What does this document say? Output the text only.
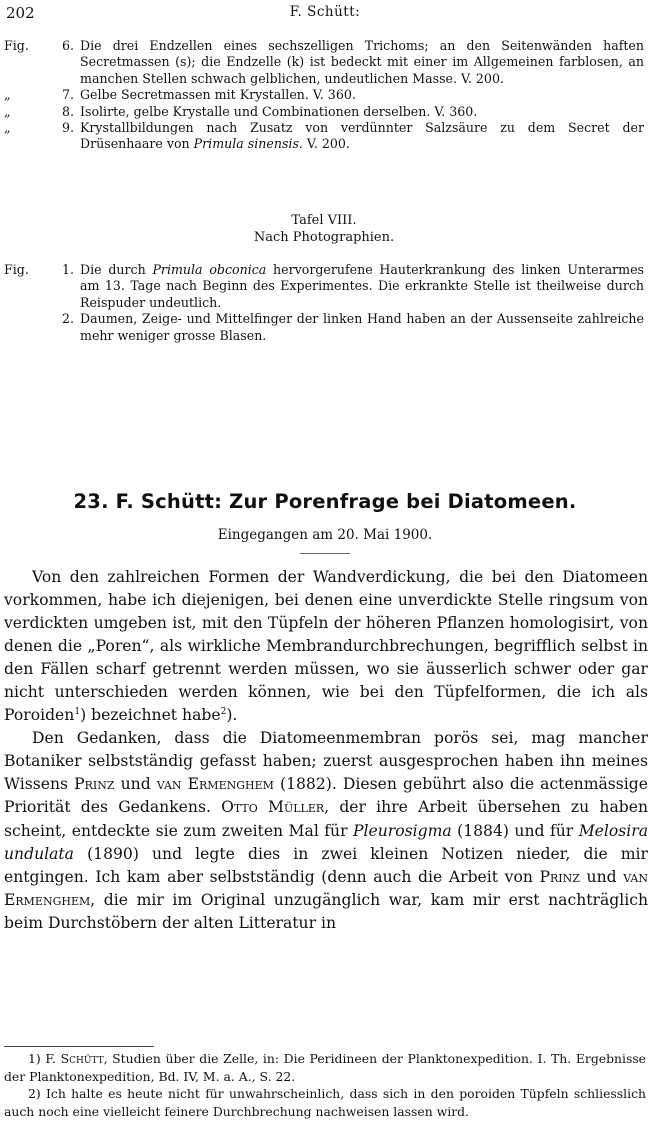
202	F. Schütt:
Fig.	6. Die drei Endzellen eines sechszelligen Trichoms; an den Seitenwänden haften Secretmassen (s); die Endzelle (k) ist bedeckt mit einer im Allgemeinen farblosen, an manchen Stellen schwach gelblichen, undeutlichen Masse. V. 200.
„	7. Gelbe Secretmassen mit Krystallen. V. 360.
„	8. Isolirte, gelbe Krystalle und Combinationen derselben. V. 360.
„	9. Krystallbildungen nach Zusatz von verdünnter Salzsäure zu dem Secret der Drüsenhaare von Primula sinensis. V. 200.
Tafel VIII.
Nach Photographien.
Fig.	1. Die durch Primula obconica hervorgerufene Hauterkrankung des linken Unterarmes am 13. Tage nach Beginn des Experimentes. Die erkrankte Stelle ist theilweise durch Reispuder undeutlich.
2. Daumen, Zeige- und Mittelfinger der linken Hand haben an der Aussenseite zahlreiche mehr weniger grosse Blasen.
23. F. Schütt: Zur Porenfrage bei Diatomeen.
Eingegangen am 20. Mai 1900.

Von den zahlreichen Formen der Wandverdickung, die bei den Diatomeen vorkommen, habe ich diejenigen, bei denen eine unverdickte Stelle ringsum von verdickten umgeben ist, mit den Tüpfeln der höheren Pflanzen homologisirt, von denen die „Poren“, als wirkliche Membrandurchbrechungen, begrifflich selbst in den Fällen scharf getrennt werden müssen, wo sie äusserlich schwer oder gar nicht unterschieden werden können, wie bei den Tüpfelformen, die ich als Poroiden$^1$) bezeichnet habe$^2$).

Den Gedanken, dass die Diatomeenmembran porös sei, mag mancher Botaniker selbstständig gefasst haben; zuerst ausgesprochen haben ihn meines Wissens Prinz und van Ermenghem (1882). Diesen gebührt also die actenmässige Priorität des Gedankens. Otto Müller, der ihre Arbeit übersehen zu haben scheint, entdeckte sie zum zweiten Mal für Pleurosigma (1884) und für Melosira undulata (1890) und legte dies in zwei kleinen Notizen nieder, die mir entgingen. Ich kam aber selbstständig (denn auch die Arbeit von Prinz und van Ermenghem, die mir im Original unzugänglich war, kam mir erst nachträglich beim Durchstöbern der alten Litteratur in

1) F. Schütt, Studien über die Zelle, in: Die Peridineen der Planktonexpedition. I. Th. Ergebnisse der Planktonexpedition, Bd. IV, M. a. A., S. 22.

2) Ich halte es heute nicht für unwahrscheinlich, dass sich in den poroiden Tüpfeln schliesslich auch noch eine vielleicht feinere Durchbrechung nachweisen lassen wird.
